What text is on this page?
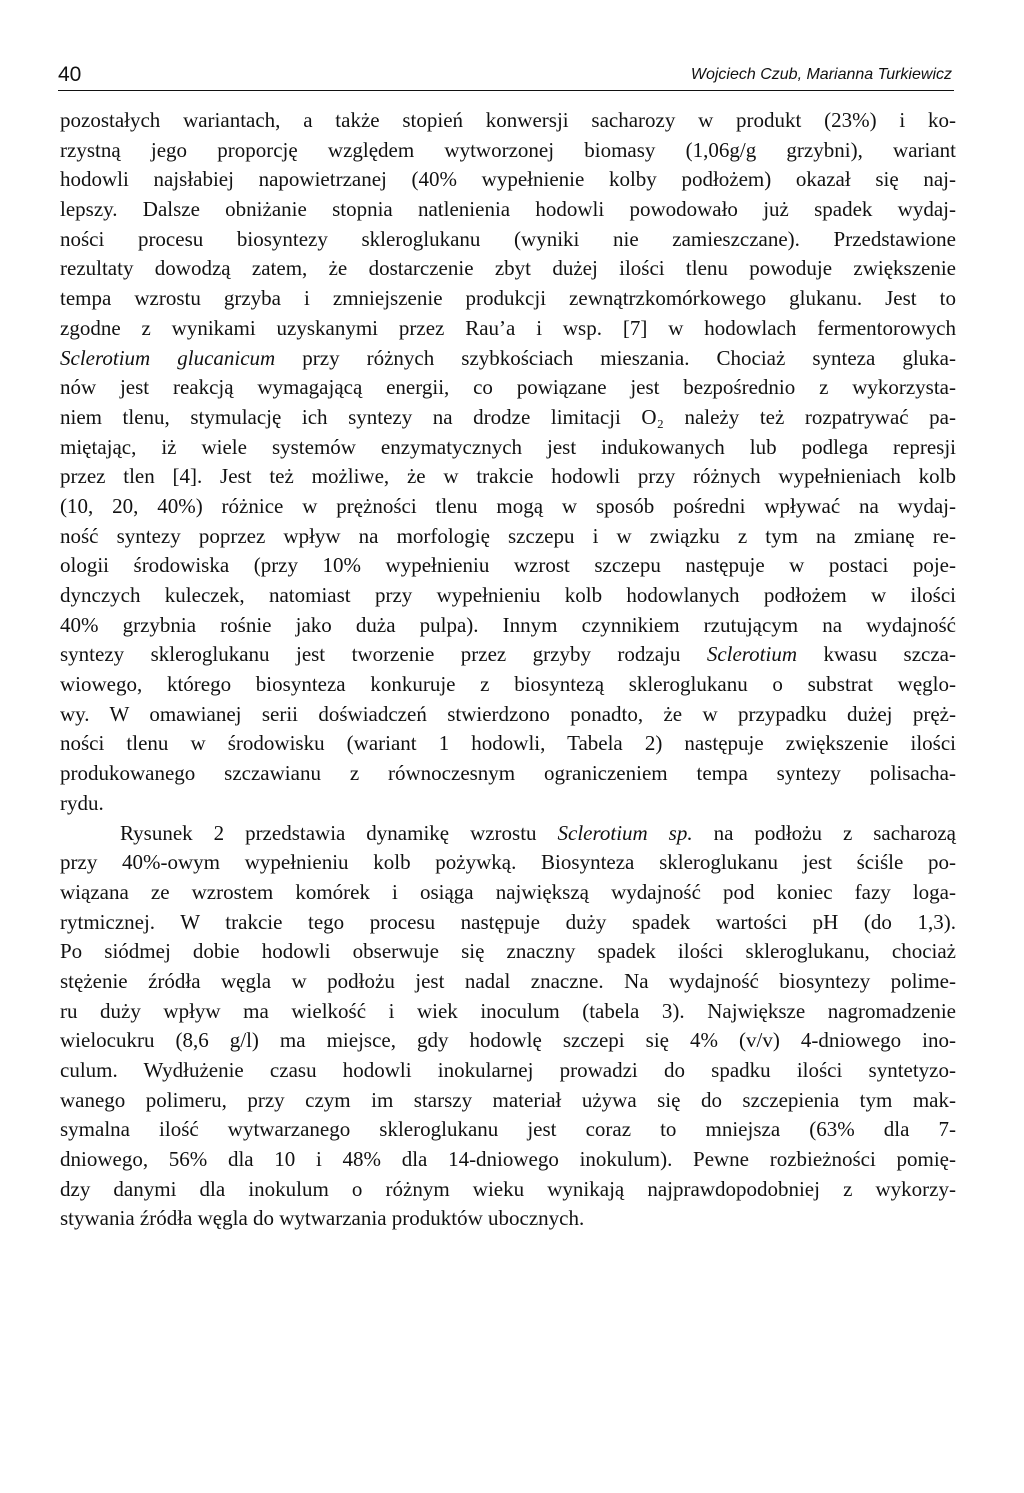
40	Wojciech Czub, Marianna Turkiewicz
pozostałych wariantach, a także stopień konwersji sacharozy w produkt (23%) i ko-
rzystną jego proporcję względem wytworzonej biomasy (1,06g/g grzybni), wariant
hodowli najsłabiej napowietrzanej (40% wypełnienie kolby podłożem) okazał się naj-
lepszy. Dalsze obniżanie stopnia natlenienia hodowli powodowało już spadek wydaj-
ności procesu biosyntezy skleroglukanu (wyniki nie zamieszczane). Przedstawione
rezultaty dowodzą zatem, że dostarczenie zbyt dużej ilości tlenu powoduje zwiększenie
tempa wzrostu grzyba i zmniejszenie produkcji zewnątrzkomórkowego glukanu. Jest to
zgodne z wynikami uzyskanymi przez Rau’a i wsp. [7] w hodowlach fermentorowych
Sclerotium glucanicum przy różnych szybkościach mieszania. Chociaż synteza gluka-
nów jest reakcją wymagającą energii, co powiązane jest bezpośrednio z wykorzysta-
niem tlenu, stymulację ich syntezy na drodze limitacji O₂ należy też rozpatrywać pa-
miętając, iż wiele systemów enzymatycznych jest indukowanych lub podlega represji
przez tlen [4]. Jest też możliwe, że w trakcie hodowli przy różnych wypełnieniach kolb
(10, 20, 40%) różnice w prężności tlenu mogą w sposób pośredni wpływać na wydaj-
ność syntezy poprzez wpływ na morfologię szczepu i w związku z tym na zmianę re-
ologii środowiska (przy 10% wypełnieniu wzrost szczepu następuje w postaci poje-
dynczych kuleczek, natomiast przy wypełnieniu kolb hodowlanych podłożem w ilości
40% grzybnia rośnie jako duża pulpa). Innym czynnikiem rzutującym na wydajność
syntezy skleroglukanu jest tworzenie przez grzyby rodzaju Sclerotium kwasu szcza-
wiowego, którego biosynteza konkuruje z biosyntezą skleroglukanu o substrat węglo-
wy. W omawianej serii doświadczeń stwierdzono ponadto, że w przypadku dużej pręż-
ności tlenu w środowisku (wariant 1 hodowli, Tabela 2) następuje zwiększenie ilości
produkowanego szczawianu z równoczesnym ograniczeniem tempa syntezy polisacha-
rydu.
Rysunek 2 przedstawia dynamikę wzrostu Sclerotium sp. na podłożu z sacharozą
przy 40%-owym wypełnieniu kolb pożywką. Biosynteza skleroglukanu jest ściśle po-
wiązana ze wzrostem komórek i osiąga największą wydajność pod koniec fazy loga-
rytmicznej. W trakcie tego procesu następuje duży spadek wartości pH (do 1,3).
Po siódmej dobie hodowli obserwuje się znaczny spadek ilości skleroglukanu, chociaż
stężenie źródła węgla w podłożu jest nadal znaczne. Na wydajność biosyntezy polime-
ru duży wpływ ma wielkość i wiek inoculum (tabela 3). Największe nagromadzenie
wielocukru (8,6 g/l) ma miejsce, gdy hodowlę szczepi się 4% (v/v) 4-dniowego ino-
culum. Wydłużenie czasu hodowli inokularnej prowadzi do spadku ilości syntetyzo-
wanego polimeru, przy czym im starszy materiał używa się do szczepienia tym mak-
symalna ilość wytwarzanego skleroglukanu jest coraz to mniejsza (63% dla 7-
dniowego, 56% dla 10 i 48% dla 14-dniowego inokulum). Pewne rozbieżności pomię-
dzy danymi dla inokulum o różnym wieku wynikają najprawdopodobniej z wykorzy-
stywania źródła węgla do wytwarzania produktów ubocznych.
